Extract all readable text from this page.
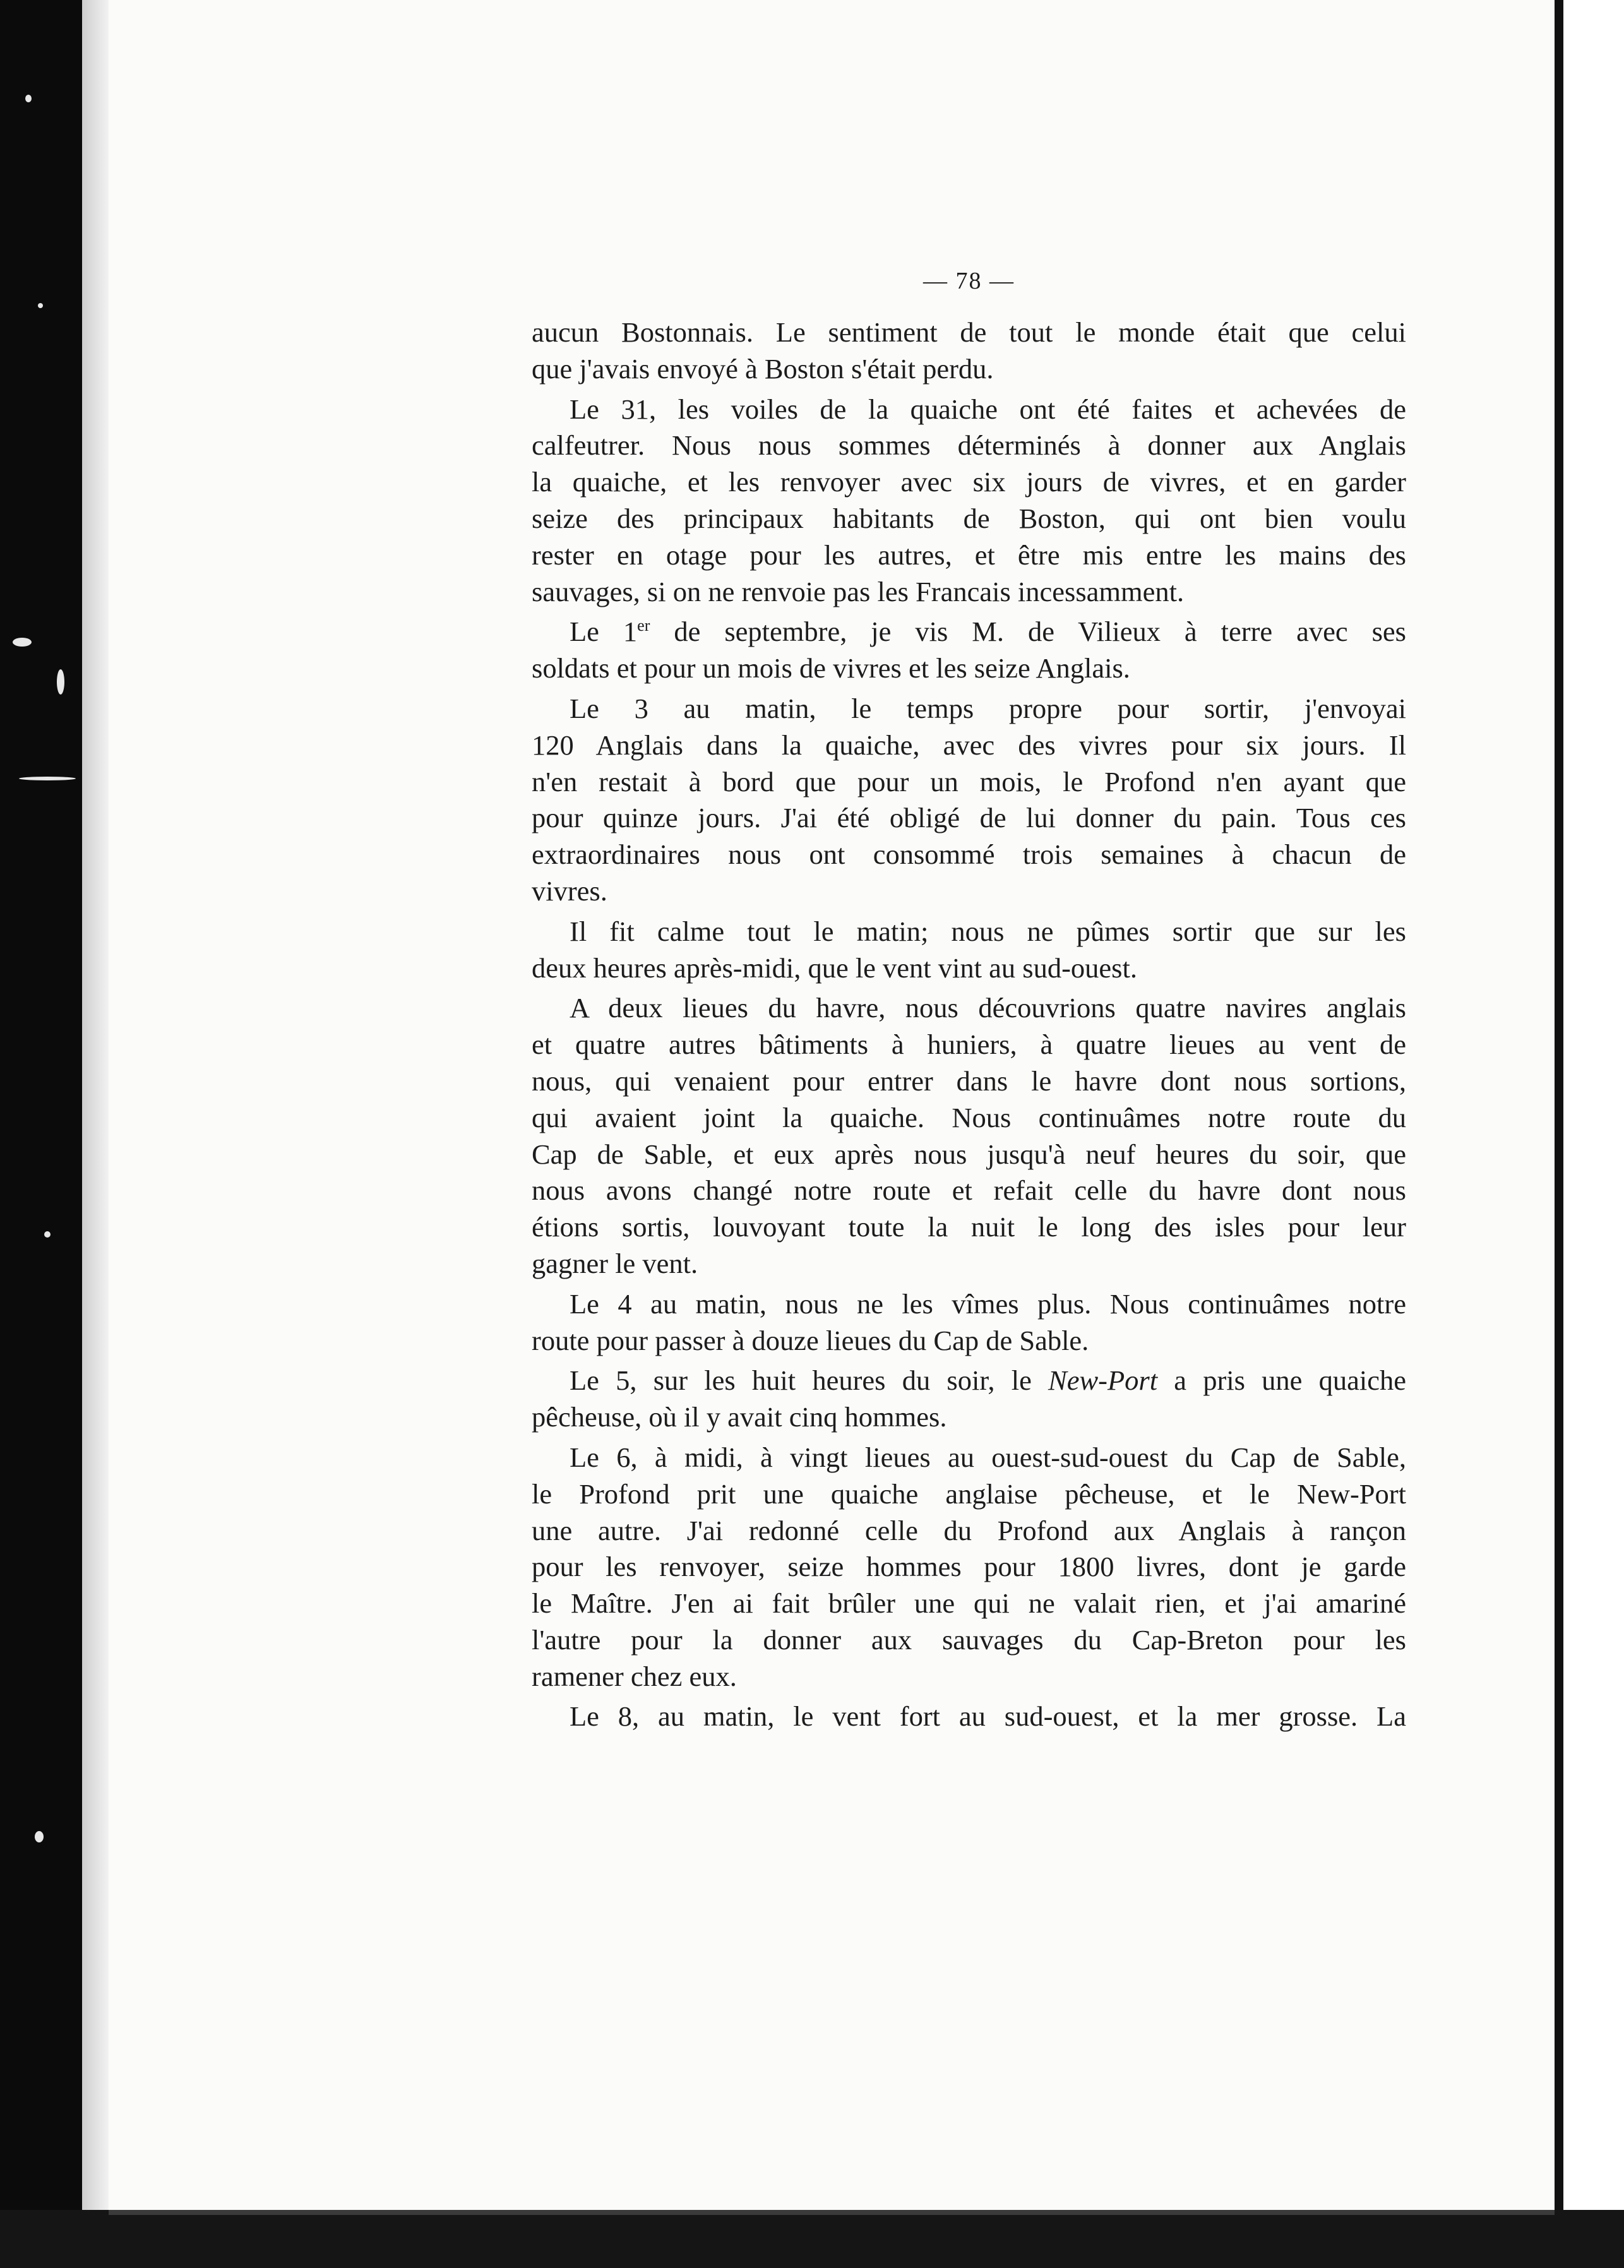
— 78 —
aucun Bostonnais. Le sentiment de tout le monde était que celui
que j'avais envoyé à Boston s'était perdu.
Le 31, les voiles de la quaiche ont été faites et achevées de
calfeutrer. Nous nous sommes déterminés à donner aux Anglais
la quaiche, et les renvoyer avec six jours de vivres, et en garder
seize des principaux habitants de Boston, qui ont bien voulu
rester en otage pour les autres, et être mis entre les mains des
sauvages, si on ne renvoie pas les Francais incessamment.
Le 1er de septembre, je vis M. de Vilieux à terre avec ses
soldats et pour un mois de vivres et les seize Anglais.
Le 3 au matin, le temps propre pour sortir, j'envoyai
120 Anglais dans la quaiche, avec des vivres pour six jours. Il
n'en restait à bord que pour un mois, le Profond n'en ayant que
pour quinze jours. J'ai été obligé de lui donner du pain. Tous ces
extraordinaires nous ont consommé trois semaines à chacun de
vivres.
Il fit calme tout le matin; nous ne pûmes sortir que sur les
deux heures après-midi, que le vent vint au sud-ouest.
A deux lieues du havre, nous découvrions quatre navires anglais
et quatre autres bâtiments à huniers, à quatre lieues au vent de
nous, qui venaient pour entrer dans le havre dont nous sortions,
qui avaient joint la quaiche. Nous continuâmes notre route du
Cap de Sable, et eux après nous jusqu'à neuf heures du soir, que
nous avons changé notre route et refait celle du havre dont nous
étions sortis, louvoyant toute la nuit le long des isles pour leur
gagner le vent.
Le 4 au matin, nous ne les vîmes plus. Nous continuâmes notre
route pour passer à douze lieues du Cap de Sable.
Le 5, sur les huit heures du soir, le New-Port a pris une quaiche
pêcheuse, où il y avait cinq hommes.
Le 6, à midi, à vingt lieues au ouest-sud-ouest du Cap de Sable,
le Profond prit une quaiche anglaise pêcheuse, et le New-Port
une autre. J'ai redonné celle du Profond aux Anglais à rançon
pour les renvoyer, seize hommes pour 1800 livres, dont je garde
le Maître. J'en ai fait brûler une qui ne valait rien, et j'ai amariné
l'autre pour la donner aux sauvages du Cap-Breton pour les
ramener chez eux.
Le 8, au matin, le vent fort au sud-ouest, et la mer grosse. La
